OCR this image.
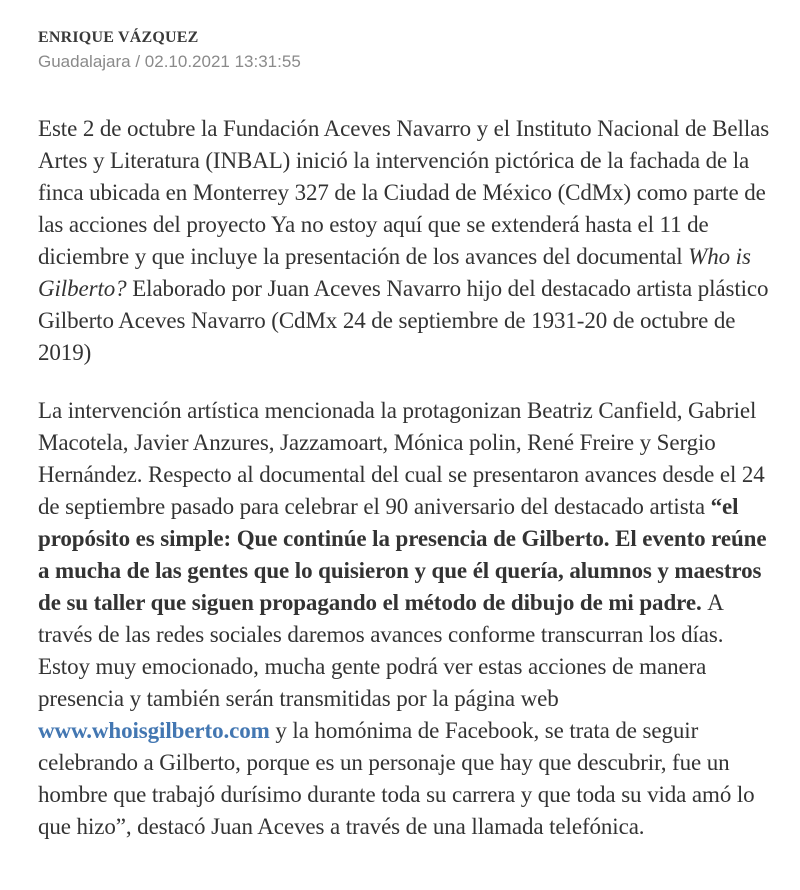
ENRIQUE VÁZQUEZ
Guadalajara / 02.10.2021 13:31:55

Este 2 de octubre la Fundación Aceves Navarro y el Instituto Nacional de Bellas Artes y Literatura (INBAL) inició la intervención pictórica de la fachada de la finca ubicada en Monterrey 327 de la Ciudad de México (CdMx) como parte de las acciones del proyecto Ya no estoy aquí que se extenderá hasta el 11 de diciembre y que incluye la presentación de los avances del documental Who is Gilberto? Elaborado por Juan Aceves Navarro hijo del destacado artista plástico Gilberto Aceves Navarro (CdMx 24 de septiembre de 1931-20 de octubre de 2019)

La intervención artística mencionada la protagonizan Beatriz Canfield, Gabriel Macotela, Javier Anzures, Jazzamoart, Mónica polin, René Freire y Sergio Hernández. Respecto al documental del cual se presentaron avances desde el 24 de septiembre pasado para celebrar el 90 aniversario del destacado artista “el propósito es simple: Que continúe la presencia de Gilberto. El evento reúne a mucha de las gentes que lo quisieron y que él quería, alumnos y maestros de su taller que siguen propagando el método de dibujo de mi padre. A través de las redes sociales daremos avances conforme transcurran los días. Estoy muy emocionado, mucha gente podrá ver estas acciones de manera presencia y también serán transmitidas por la página web www.whoisgilberto.com y la homónima de Facebook, se trata de seguir celebrando a Gilberto, porque es un personaje que hay que descubrir, fue un hombre que trabajó durísimo durante toda su carrera y que toda su vida amó lo que hizo”, destacó Juan Aceves a través de una llamada telefónica.
